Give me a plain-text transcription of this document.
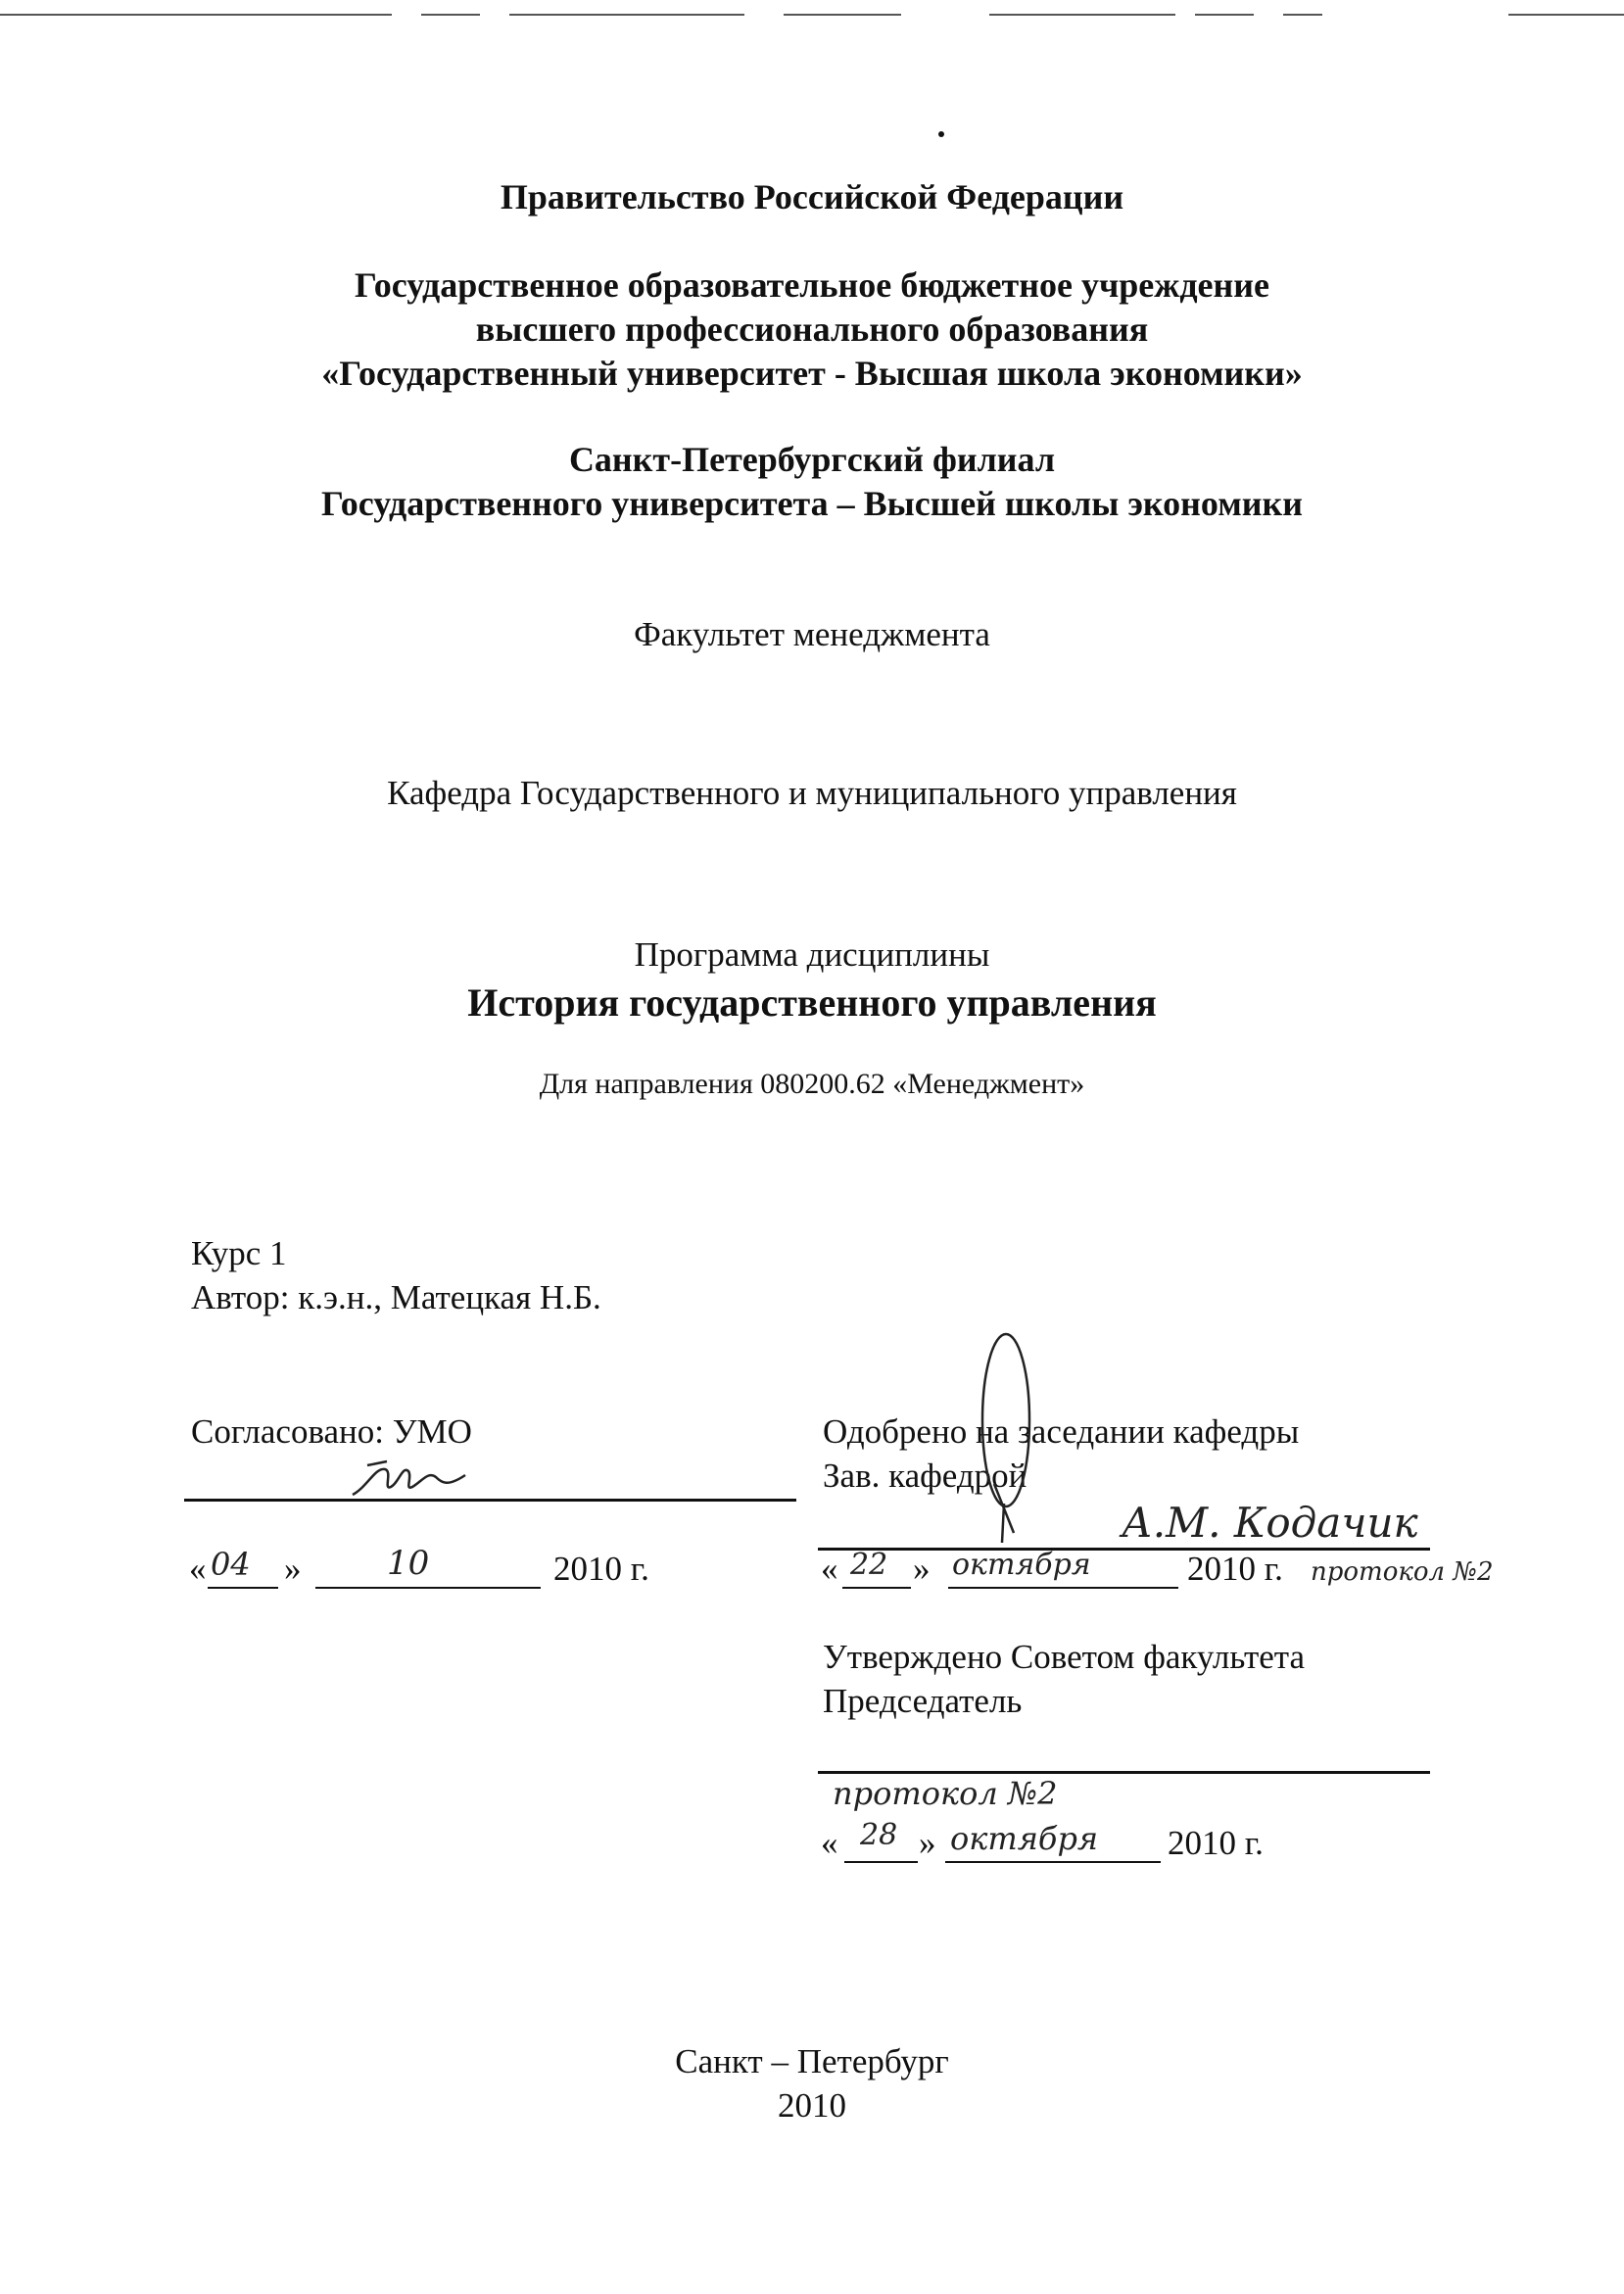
Правительство Российской Федерации
Государственное образовательное бюджетное учреждение
высшего профессионального образования
«Государственный университет - Высшая школа экономики»
Санкт-Петербургский филиал
Государственного университета – Высшей школы экономики
Факультет менеджмента
Кафедра Государственного и муниципального управления
Программа дисциплины
История государственного управления
Для направления 080200.62 «Менеджмент»
Курс 1
Автор: к.э.н., Матецкая Н.Б.
Согласовано: УМО
« 04 »	10	2010 г.
Одобрено на заседании кафедры
Зав. кафедрой
А.М. Кодачик
« 22 » октября	2010 г. протокол №2
Утверждено Советом факультета
Председатель
протокол №2
« 28 » октября 2010 г.
Санкт – Петербург
2010
